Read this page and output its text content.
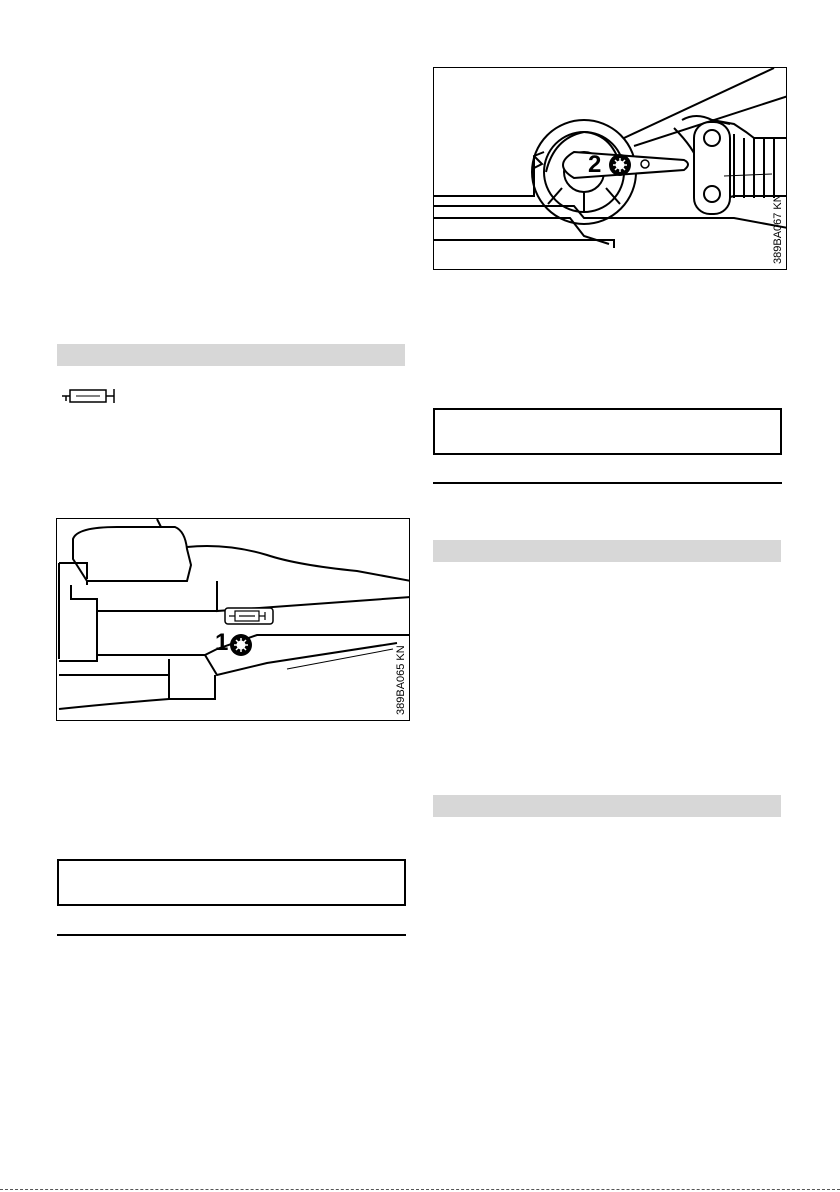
1
389BA065 KN
2
389BA067 KN
